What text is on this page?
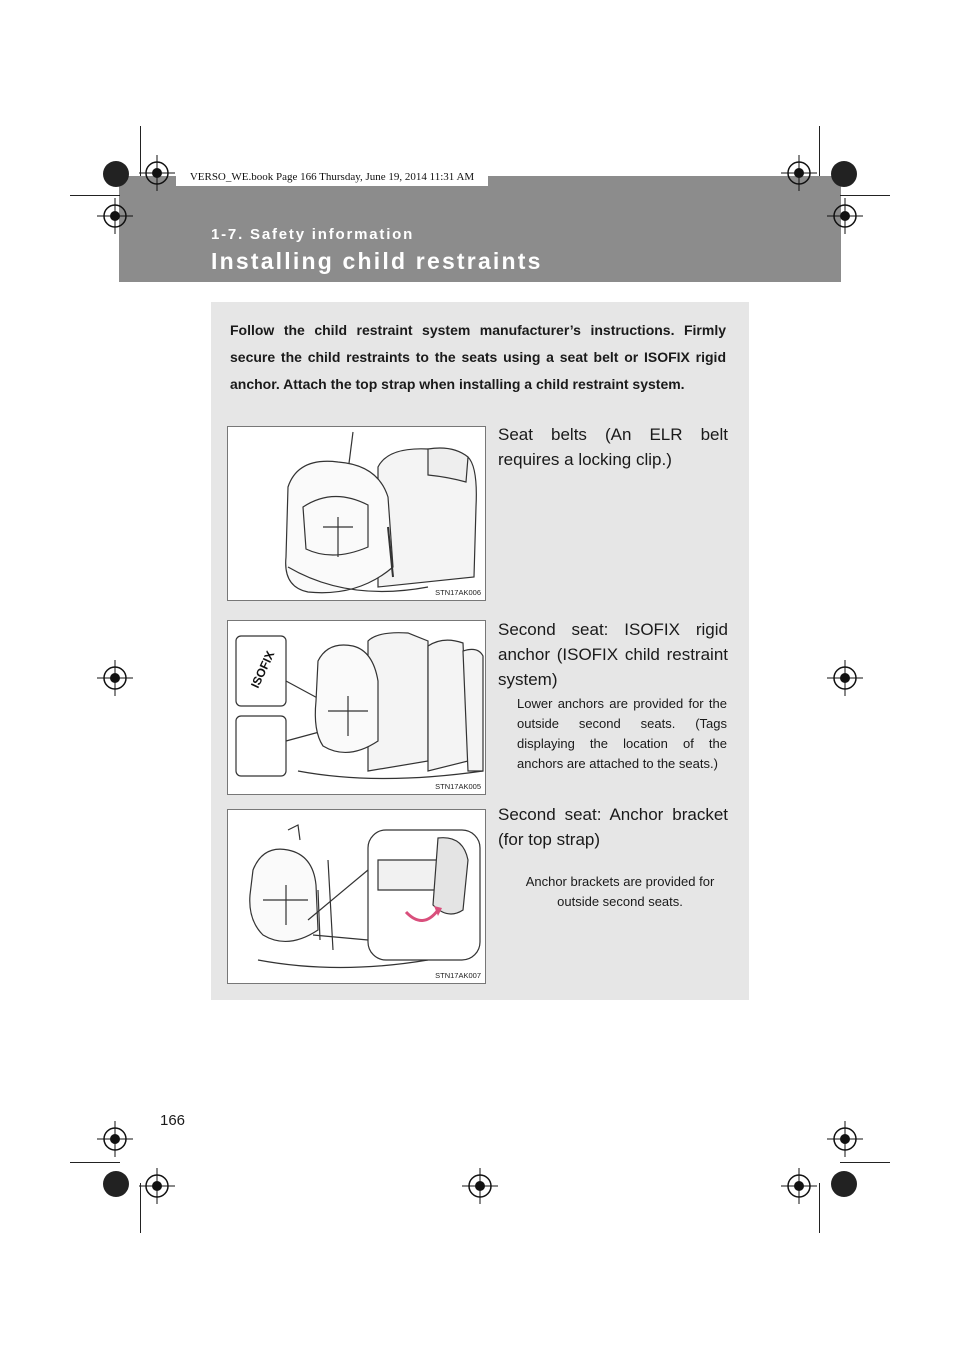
VERSO_WE.book Page 166 Thursday, June 19, 2014 11:31 AM
1-7. Safety information
Installing child restraints

Follow the child restraint system manufacturer’s instructions. Firmly secure the child restraints to the seats using a seat belt or ISOFIX rigid anchor. Attach the top strap when installing a child restraint system.

STN17AK006

Seat belts (An ELR belt requires a locking clip.)

ISOFIX
STN17AK005

Second seat: ISOFIX rigid anchor (ISOFIX child restraint system)

Lower anchors are provided for the outside second seats. (Tags displaying the location of the anchors are attached to the seats.)

STN17AK007

Second seat: Anchor bracket (for top strap)

Anchor brackets are provided for outside second seats.

166
